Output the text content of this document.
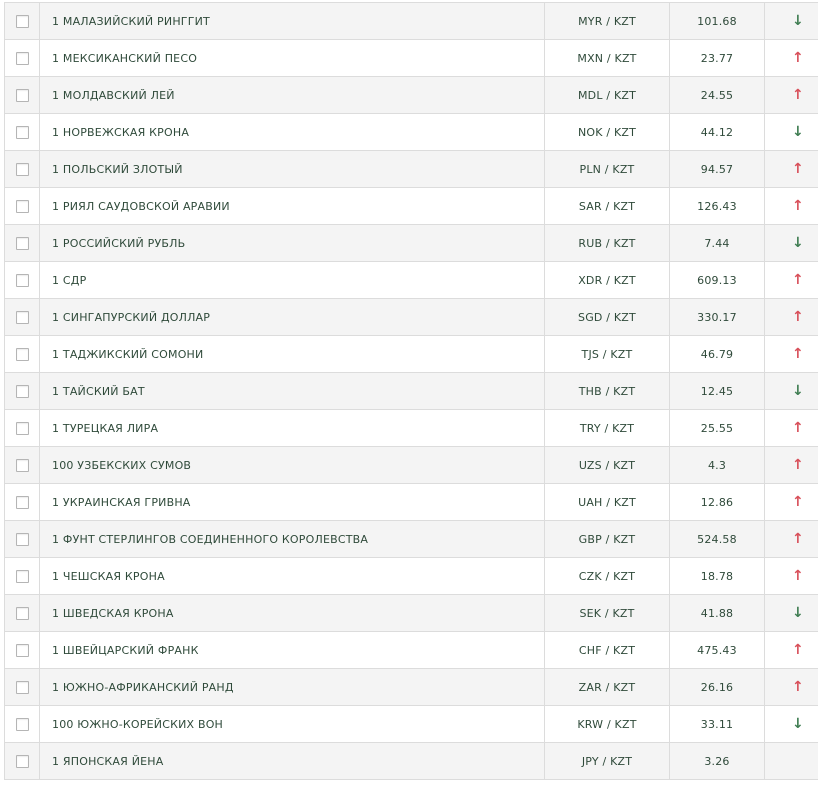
	1 МАЛАЗИЙСКИЙ РИНГГИТ	MYR / KZT	101.68	↓
	1 МЕКСИКАНСКИЙ ПЕСО	MXN / KZT	23.77	↑
	1 МОЛДАВСКИЙ ЛЕЙ	MDL / KZT	24.55	↑
	1 НОРВЕЖСКАЯ КРОНА	NOK / KZT	44.12	↓
	1 ПОЛЬСКИЙ ЗЛОТЫЙ	PLN / KZT	94.57	↑
	1 РИЯЛ САУДОВСКОЙ АРАВИИ	SAR / KZT	126.43	↑
	1 РОССИЙСКИЙ РУБЛЬ	RUB / KZT	7.44	↓
	1 СДР	XDR / KZT	609.13	↑
	1 СИНГАПУРСКИЙ ДОЛЛАР	SGD / KZT	330.17	↑
	1 ТАДЖИКСКИЙ СОМОНИ	TJS / KZT	46.79	↑
	1 ТАЙСКИЙ БАТ	THB / KZT	12.45	↓
	1 ТУРЕЦКАЯ ЛИРА	TRY / KZT	25.55	↑
	100 УЗБЕКСКИХ СУМОВ	UZS / KZT	4.3	↑
	1 УКРАИНСКАЯ ГРИВНА	UAH / KZT	12.86	↑
	1 ФУНТ СТЕРЛИНГОВ СОЕДИНЕННОГО КОРОЛЕВСТВА	GBP / KZT	524.58	↑
	1 ЧЕШСКАЯ КРОНА	CZK / KZT	18.78	↑
	1 ШВЕДСКАЯ КРОНА	SEK / KZT	41.88	↓
	1 ШВЕЙЦАРСКИЙ ФРАНК	CHF / KZT	475.43	↑
	1 ЮЖНО-АФРИКАНСКИЙ РАНД	ZAR / KZT	26.16	↑
	100 ЮЖНО-КОРЕЙСКИХ ВОН	KRW / KZT	33.11	↓
	1 ЯПОНСКАЯ ЙЕНА	JPY / KZT	3.26	
